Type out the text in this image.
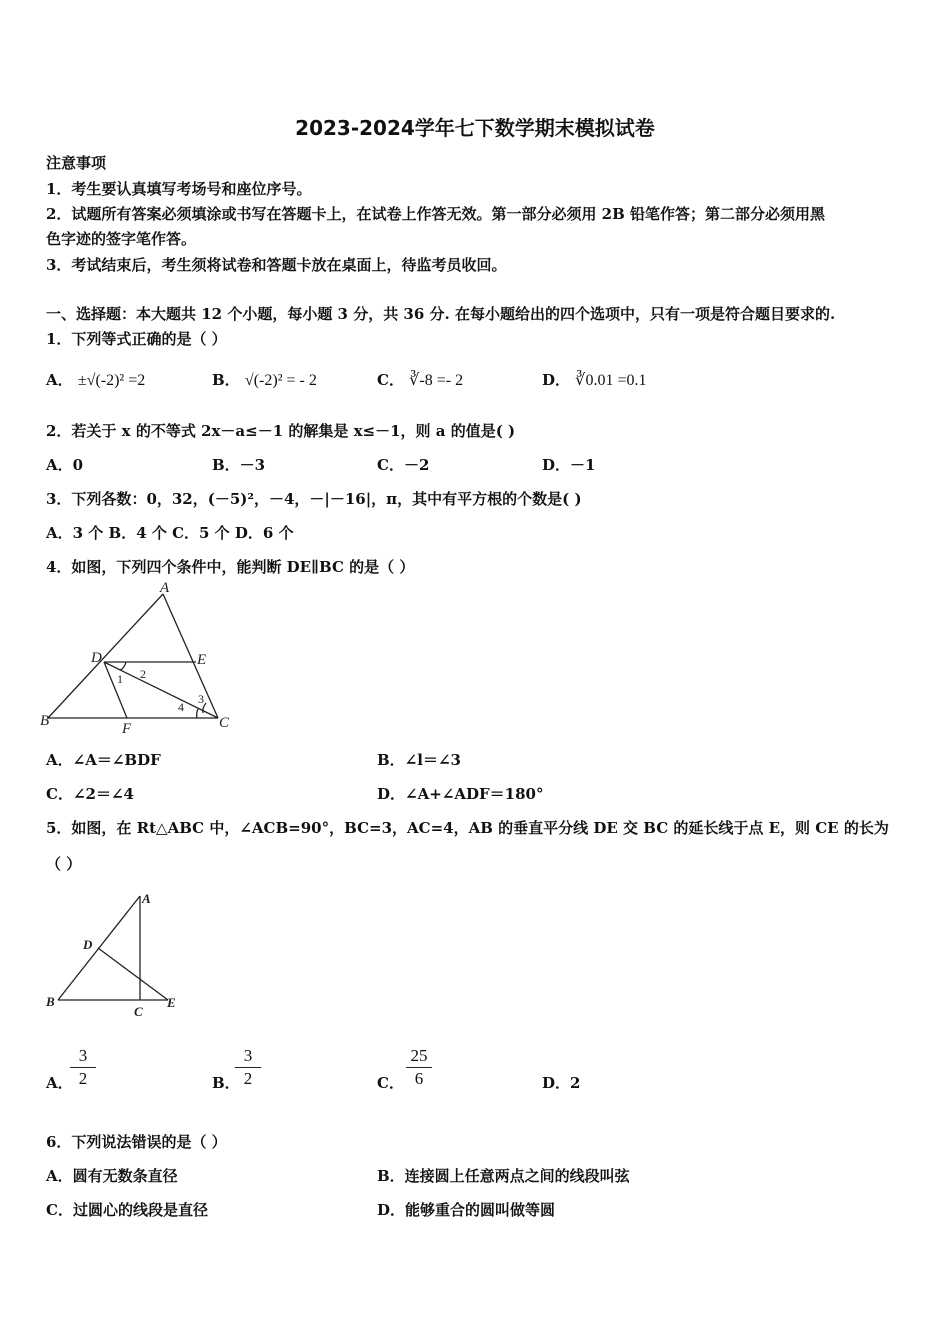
2023-2024学年七下数学期末模拟试卷
注意事项
1．考生要认真填写考场号和座位序号。
2．试题所有答案必须填涂或书写在答题卡上，在试卷上作答无效。第一部分必须用 2B 铅笔作答；第二部分必须用黑
色字迹的签字笔作答。
3．考试结束后，考生须将试卷和答题卡放在桌面上，待监考员收回。
一、选择题：本大题共 12 个小题，每小题 3 分，共 36 分. 在每小题给出的四个选项中，只有一项是符合题目要求的.
1．下列等式正确的是（ ）
A． ±√(-2)² =2	B． √(-2)² = - 2	C． ∛-8 =- 2	D． ∛0.01 =0.1
2．若关于 x 的不等式 2x－a≤－1 的解集是 x≤－1，则 a 的值是( )
A．0	B．－3	C．－2	D．－1
3．下列各数：0，32，(－5)²，－4，－|－16|，π，其中有平方根的个数是( )
A．3 个 B．4 个 C．5 个 D．6 个
4．如图，下列四个条件中，能判断 DE∥BC 的是（ ）
A
B	C
D	E
F
1 2
3
4
A．∠A＝∠BDF	B．∠l＝∠3
C．∠2＝∠4	D．∠A+∠ADF＝180°
5．如图，在 Rt△ABC 中，∠ACB=90°，BC=3，AC=4，AB 的垂直平分线 DE 交 BC 的延长线于点 E，则 CE 的长为
（ ）
A
B
C
D
E
A．
$\frac{3}{2}$	B．
$\frac{3}{2}$	C． $\frac{25}{6}$	D．2
6．下列说法错误的是（ ）
A．圆有无数条直径	B．连接圆上任意两点之间的线段叫弦
C．过圆心的线段是直径	D．能够重合的圆叫做等圆
